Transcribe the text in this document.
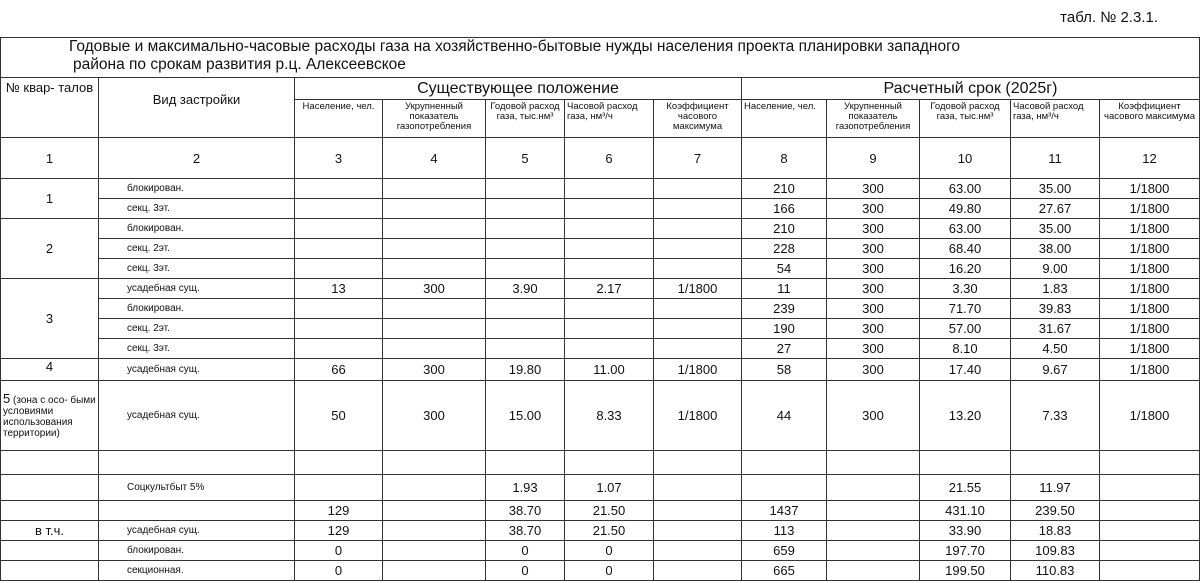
табл. № 2.3.1.
Годовые и максимально-часовые расходы газа на хозяйственно-бытовые нужды населения проекта планировки западного
района по срокам развития р.ц. Алексеевское											

№ квар- талов	Вид застройки	Существующее положение					Расчетный срок (2025г)				
		Население, чел.	Укрупненный показатель газопотребления	Годовой расход газа, тыс.нм³	Часовой расход газа, нм³/ч	Коэффициент часового максимума	Население, чел.	Укрупненный показатель газопотребления	Годовой расход газа, тыс.нм³	Часовой расход газа, нм³/ч	Коэффициент часового максимума
1	2	3	4	5	6	7	8	9	10	11	12
1	блокирован.						210	300	63.00	35.00	1/1800
	секц. 3эт.						166	300	49.80	27.67	1/1800
2	блокирован.						210	300	63.00	35.00	1/1800
	секц. 2эт.						228	300	68.40	38.00	1/1800
	секц. 3эт.						54	300	16.20	9.00	1/1800
3	усадебная сущ.	13	300	3.90	2.17	1/1800	11	300	3.30	1.83	1/1800
	блокирован.						239	300	71.70	39.83	1/1800
	секц. 2эт.						190	300	57.00	31.67	1/1800
	секц. 3эт.						27	300	8.10	4.50	1/1800
4	усадебная сущ.	66	300	19.80	11.00	1/1800	58	300	17.40	9.67	1/1800
5 (зона с осо- быми условиями использования территории)	усадебная сущ.	50	300	15.00	8.33	1/1800	44	300	13.20	7.33	1/1800

	Соцкультбыт 5%			1.93	1.07				21.55	11.97	
		129		38.70	21.50		1437		431.10	239.50	
в т.ч.	усадебная сущ.	129		38.70	21.50		113		33.90	18.83	
	блокирован.	0		0	0		659		197.70	109.83	
	секционная.	0		0	0		665		199.50	110.83	
